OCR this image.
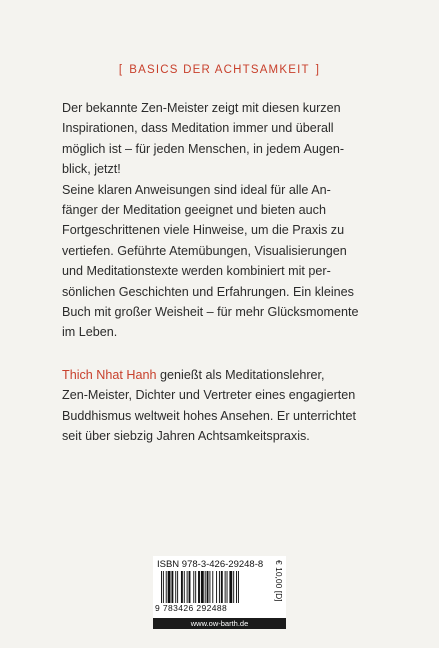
[ BASICS DER ACHTSAMKEIT ]

Der bekannte Zen-Meister zeigt mit diesen kurzen
Inspirationen, dass Meditation immer und überall
möglich ist – für jeden Menschen, in jedem Augen-
blick, jetzt!
Seine klaren Anweisungen sind ideal für alle An-
fänger der Meditation geeignet und bieten auch
Fortgeschrittenen viele Hinweise, um die Praxis zu
vertiefen. Geführte Atemübungen, Visualisierungen
und Meditationstexte werden kombiniert mit per-
sönlichen Geschichten und Erfahrungen. Ein kleines
Buch mit großer Weisheit – für mehr Glücksmomente
im Leben.

Thich Nhat Hanh genießt als Meditationslehrer,
Zen-Meister, Dichter und Vertreter eines engagierten
Buddhismus weltweit hohes Ansehen. Er unterrichtet
seit über siebzig Jahren Achtsamkeitspraxis.

ISBN 978-3-426-29248-8
9 783426 292488
€ 10,00 [D]
www.ow-barth.de
